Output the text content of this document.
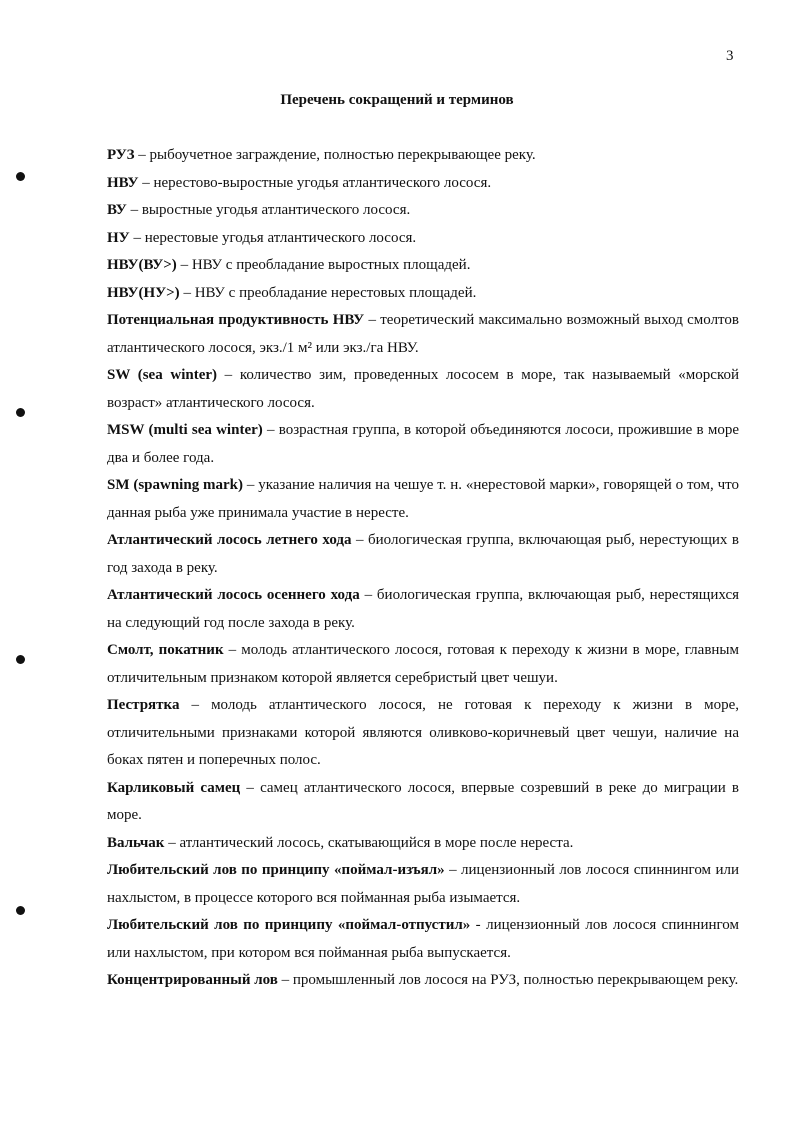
3
Перечень сокращений и терминов
РУЗ – рыбоучетное заграждение, полностью перекрывающее реку.
НВУ – нерестово-выростные угодья атлантического лосося.
ВУ – выростные угодья атлантического лосося.
НУ – нерестовые угодья атлантического лосося.
НВУ(ВУ>) – НВУ с преобладание выростных площадей.
НВУ(НУ>) – НВУ с преобладание нерестовых площадей.
Потенциальная продуктивность НВУ – теоретический максимально возможный выход смолтов атлантического лосося, экз./1 м² или экз./га НВУ.
SW (sea winter) – количество зим, проведенных лососем в море, так называемый «морской возраст» атлантического лосося.
MSW (multi sea winter) – возрастная группа, в которой объединяются лососи, прожившие в море два и более года.
SM (spawning mark) – указание наличия на чешуе т. н. «нерестовой марки», говорящей о том, что данная рыба уже принимала участие в нересте.
Атлантический лосось летнего хода – биологическая группа, включающая рыб, нерестующих в год захода в реку.
Атлантический лосось осеннего хода – биологическая группа, включающая рыб, нерестящихся на следующий год после захода в реку.
Смолт, покатник – молодь атлантического лосося, готовая к переходу к жизни в море, главным отличительным признаком которой является серебристый цвет чешуи.
Пестрятка – молодь атлантического лосося, не готовая к переходу к жизни в море, отличительными признаками которой являются оливково-коричневый цвет чешуи, наличие на боках пятен и поперечных полос.
Карликовый самец – самец атлантического лосося, впервые созревший в реке до миграции в море.
Вальчак – атлантический лосось, скатывающийся в море после нереста.
Любительский лов по принципу «поймал-изъял» – лицензионный лов лосося спиннингом или нахлыстом, в процессе которого вся пойманная рыба изымается.
Любительский лов по принципу «поймал-отпустил» - лицензионный лов лосося спиннингом или нахлыстом, при котором вся пойманная рыба выпускается.
Концентрированный лов – промышленный лов лосося на РУЗ, полностью перекрывающем реку.
